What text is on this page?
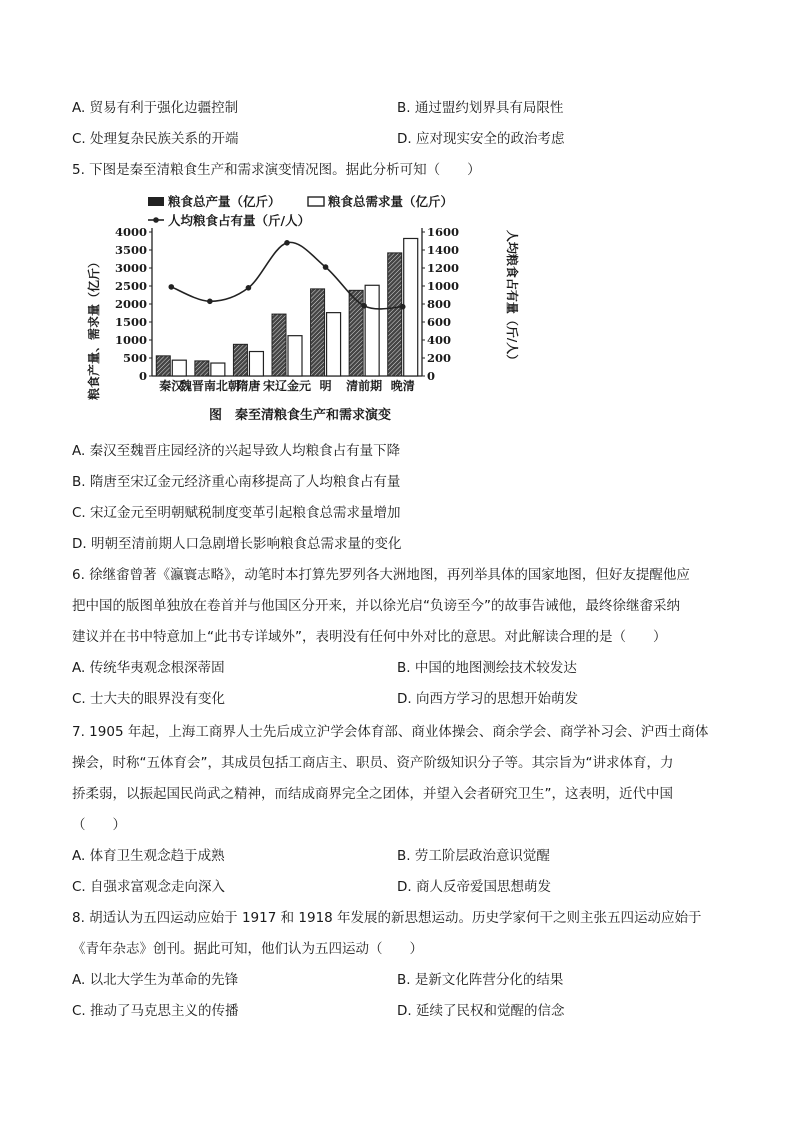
A. 贸易有利于强化边疆控制	B. 通过盟约划界具有局限性
C. 处理复杂民族关系的开端	D. 应对现实安全的政治考虑
5. 下图是秦至清粮食生产和需求演变情况图。据此分析可知（　　）
粮食总产量（亿斤）	粮食总需求量（亿斤）
人均粮食占有量（斤/人）
粮食产量、需求量（亿斤）	人均粮食占有量（斤/人）
0
500
1000
1500
2000
2500
3000
3500
4000
0
200
400
600
800
1000
1200
1400
1600
秦汉
魏晋南北朝
隋唐 宋辽金元 明 清前期 晚清
图　秦至清粮食生产和需求演变
A. 秦汉至魏晋庄园经济的兴起导致人均粮食占有量下降
B. 隋唐至宋辽金元经济重心南移提高了人均粮食占有量
C. 宋辽金元至明朝赋税制度变革引起粮食总需求量增加
D. 明朝至清前期人口急剧增长影响粮食总需求量的变化
6. 徐继畬曾著《瀛寰志略》，动笔时本打算先罗列各大洲地图，再列举具体的国家地图，但好友提醒他应
把中国的版图单独放在卷首并与他国区分开来，并以徐光启“负谤至今”的故事告诫他，最终徐继畬采纳
建议并在书中特意加上“此书专详域外”，表明没有任何中外对比的意思。对此解读合理的是（　　）
A. 传统华夷观念根深蒂固	B. 中国的地图测绘技术较发达
C. 士大夫的眼界没有变化	D. 向西方学习的思想开始萌发
7. 1905 年起，上海工商界人士先后成立沪学会体育部、商业体操会、商余学会、商学补习会、沪西士商体
操会，时称“五体育会”，其成员包括工商店主、职员、资产阶级知识分子等。其宗旨为“讲求体育，力
挢柔弱，以振起国民尚武之精神，而结成商界完全之团体，并望入会者研究卫生”，这表明，近代中国
（　　）
A. 体育卫生观念趋于成熟	B. 劳工阶层政治意识觉醒
C. 自强求富观念走向深入	D. 商人反帝爱国思想萌发
8. 胡适认为五四运动应始于 1917 和 1918 年发展的新思想运动。历史学家何干之则主张五四运动应始于
《青年杂志》创刊。据此可知，他们认为五四运动（　　）
A. 以北大学生为革命的先锋	B. 是新文化阵营分化的结果
C. 推动了马克思主义的传播	D. 延续了民权和觉醒的信念
